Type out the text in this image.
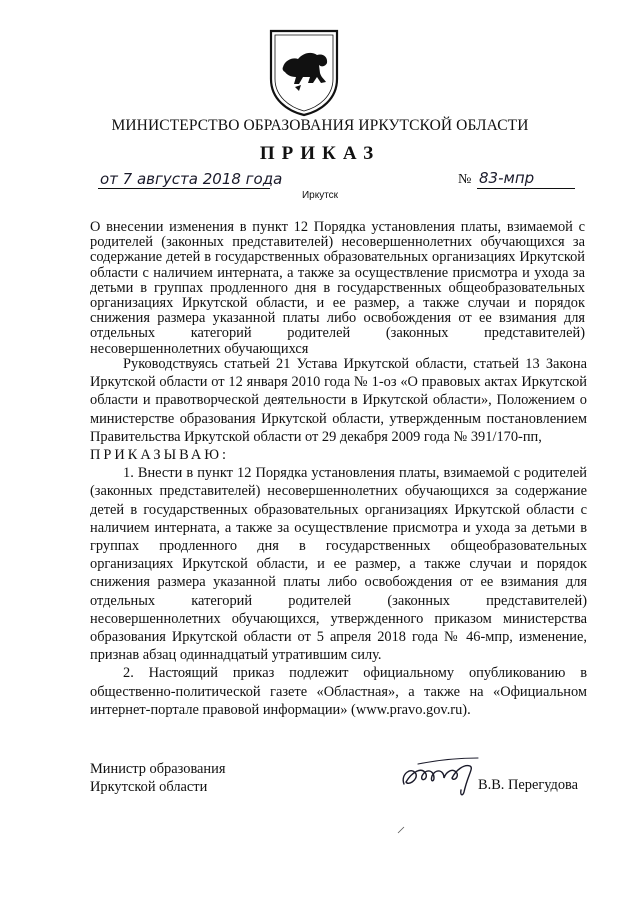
МИНИСТЕРСТВО ОБРАЗОВАНИЯ ИРКУТСКОЙ ОБЛАСТИ
ПРИКАЗ
от 7 августа 2018 года	№ 83-мпр
Иркутск
О внесении изменения в пункт 12 Порядка установления платы, взимаемой с родителей (законных представителей) несовершеннолетних обучающихся за содержание детей в государственных образовательных организациях Иркутской области с наличием интерната, а также за осуществление присмотра и ухода за детьми в группах продленного дня в государственных общеобразовательных организациях Иркутской области, и ее размер, а также случаи и порядок снижения размера указанной платы либо освобождения от ее взимания для отдельных категорий родителей (законных представителей) несовершеннолетних обучающихся

Руководствуясь статьей 21 Устава Иркутской области, статьей 13 Закона Иркутской области от 12 января 2010 года № 1-оз «О правовых актах Иркутской области и правотворческой деятельности в Иркутской области», Положением о министерстве образования Иркутской области, утвержденным постановлением Правительства Иркутской области от 29 декабря 2009 года № 391/170-пп,

ПРИКАЗЫВАЮ:

1. Внести в пункт 12 Порядка установления платы, взимаемой с родителей (законных представителей) несовершеннолетних обучающихся за содержание детей в государственных образовательных организациях Иркутской области с наличием интерната, а также за осуществление присмотра и ухода за детьми в группах продленного дня в государственных общеобразовательных организациях Иркутской области, и ее размер, а также случаи и порядок снижения размера указанной платы либо освобождения от ее взимания для отдельных категорий родителей (законных представителей) несовершеннолетних обучающихся, утвержденного приказом министерства образования Иркутской области от 5 апреля 2018 года № 46-мпр, изменение, признав абзац одиннадцатый утратившим силу.

2. Настоящий приказ подлежит официальному опубликованию в общественно-политической газете «Областная», а также на «Официальном интернет-портале правовой информации» (www.pravo.gov.ru).

Министр образования
Иркутской области	В.В. Перегудова
